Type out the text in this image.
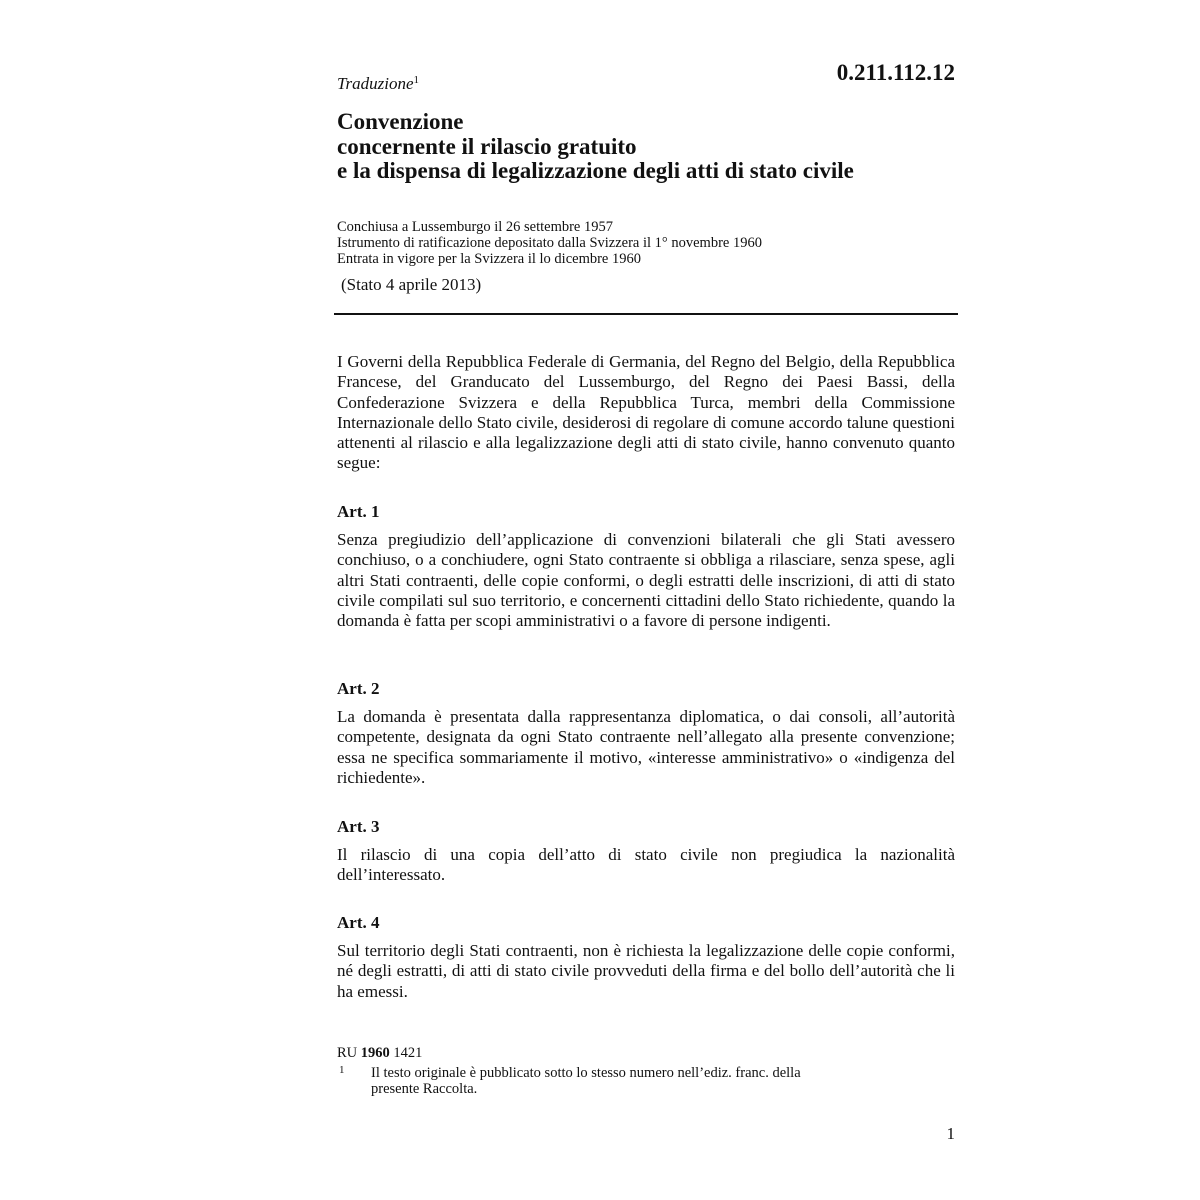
Traduzione$^1$	0.211.112.12
Convenzione
concernente il rilascio gratuito
e la dispensa di legalizzazione degli atti di stato civile
Conchiusa a Lussemburgo il 26 settembre 1957
Istrumento di ratificazione depositato dalla Svizzera il 1° novembre 1960
Entrata in vigore per la Svizzera il lo dicembre 1960
(Stato 4 aprile 2013)

I Governi della Repubblica Federale di Germania, del Regno del Belgio, della Repubblica Francese, del Granducato del Lussemburgo, del Regno dei Paesi Bassi, della Confederazione Svizzera e della Repubblica Turca, membri della Commissione Internazionale dello Stato civile, desiderosi di regolare di comune accordo talune questioni attenenti al rilascio e alla legalizzazione degli atti di stato civile, hanno convenuto quanto segue:

Art. 1

Senza pregiudizio dell’applicazione di convenzioni bilaterali che gli Stati avessero conchiuso, o a conchiudere, ogni Stato contraente si obbliga a rilasciare, senza spese, agli altri Stati contraenti, delle copie conformi, o degli estratti delle inscrizioni, di atti di stato civile compilati sul suo territorio, e concernenti cittadini dello Stato richiedente, quando la domanda è fatta per scopi amministrativi o a favore di persone indigenti.

Art. 2

La domanda è presentata dalla rappresentanza diplomatica, o dai consoli, all’autorità competente, designata da ogni Stato contraente nell’allegato alla presente convenzione; essa ne specifica sommariamente il motivo, «interesse amministrativo» o «indigenza del richiedente».

Art. 3

Il rilascio di una copia dell’atto di stato civile non pregiudica la nazionalità dell’interessato.

Art. 4

Sul territorio degli Stati contraenti, non è richiesta la legalizzazione delle copie conformi, né degli estratti, di atti di stato civile provveduti della firma e del bollo dell’autorità che li ha emessi.

RU 1960 1421
1 Il testo originale è pubblicato sotto lo stesso numero nell’ediz. franc. della
presente Raccolta.
1
